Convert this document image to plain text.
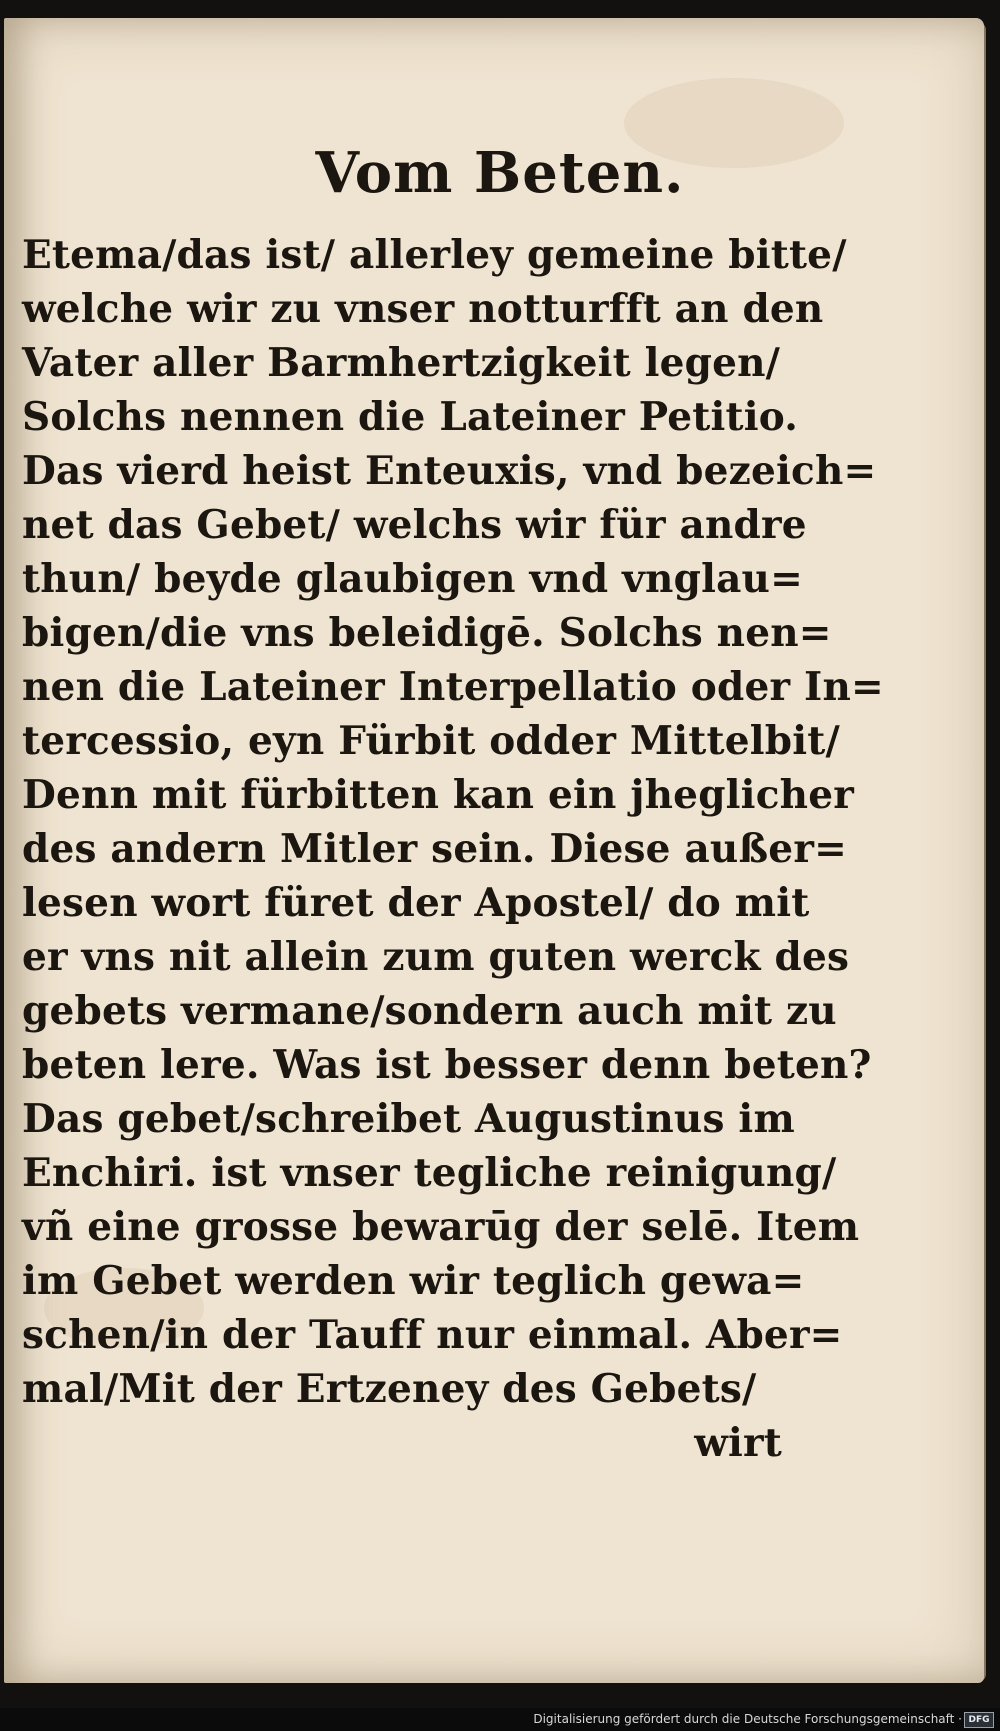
Vom Beten.
Etema/das ist/ allerley gemeine bitte/
welche wir zu vnser notturfft an den
Vater aller Barmhertzigkeit legen/
Solchs nennen die Lateiner Petitio.
Das vierd heist Enteuxis, vnd bezeich=
net das Gebet/ welchs wir für andre
thun/ beyde glaubigen vnd vnglau=
bigen/die vns beleidigē. Solchs nen=
nen die Lateiner Interpellatio oder In=
tercessio, eyn Fürbit odder Mittelbit/
Denn mit fürbitten kan ein jheglicher
des andern Mitler sein. Diese außer=
lesen wort füret der Apostel/ do mit
er vns nit allein zum guten werck des
gebets vermane/sondern auch mit zu
beten lere. Was ist besser denn beten?
Das gebet/schreibet Augustinus im
Enchiri. ist vnser tegliche reinigung/
vñ eine grosse bewarūg der selē. Item
im Gebet werden wir teglich gewa=
schen/in der Tauff nur einmal. Aber=
mal/Mit der Ertzeney des Gebets/
wirt
Digitalisierung gefördert durch die Deutsche Forschungsgemeinschaft · DFG
